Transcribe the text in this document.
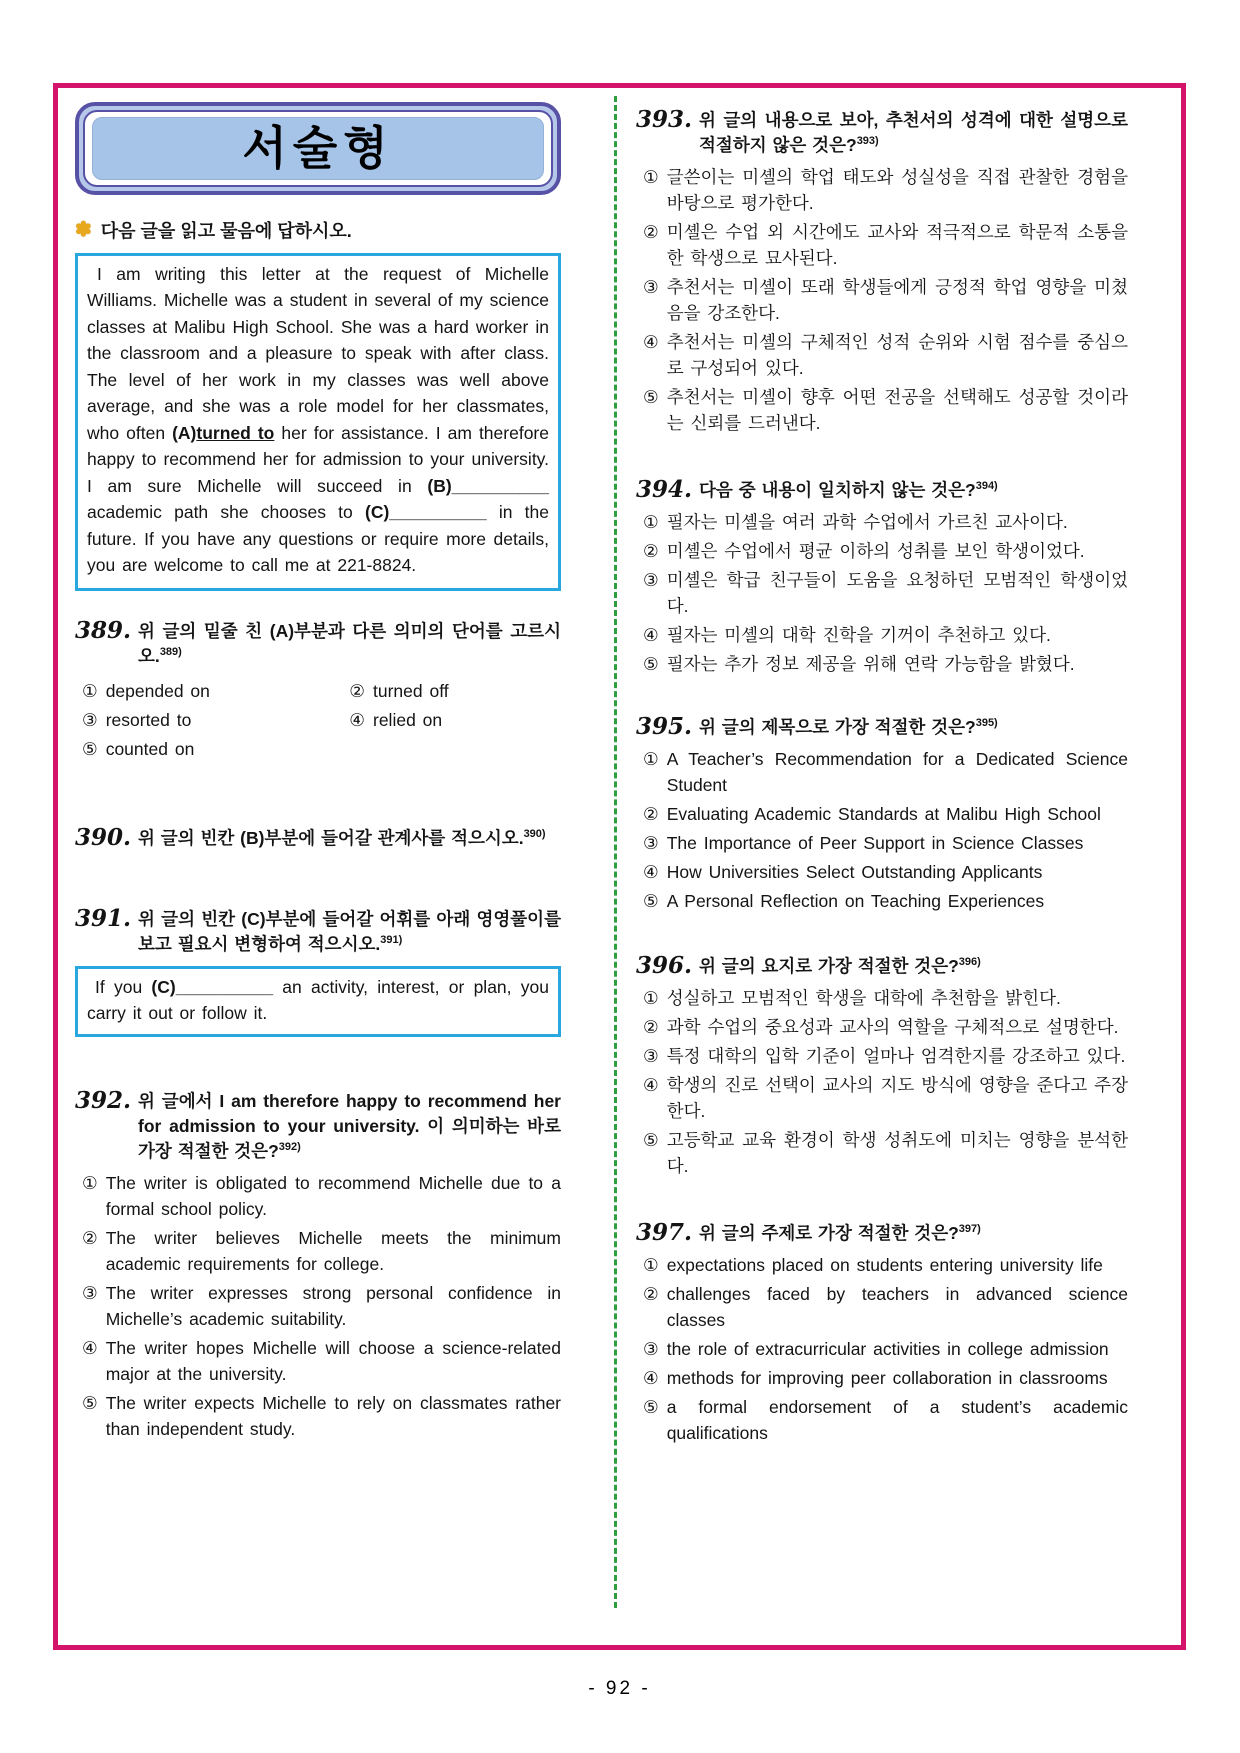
서술형
✽ 다음 글을 읽고 물음에 답하시오.

I am writing this letter at the request of Michelle Williams. Michelle was a student in several of my science classes at Malibu High School. She was a hard worker in the classroom and a pleasure to speak with after class. The level of her work in my classes was well above average, and she was a role model for her classmates, who often (A)turned to her for assistance. I am therefore happy to recommend her for admission to your university. I am sure Michelle will succeed in (B)__________ academic path she chooses to (C)__________ in the future. If you have any questions or require more details, you are welcome to call me at 221-8824.

389. 위 글의 밑줄 친 (A)부분과 다른 의미의 단어를 고르시오.$^{389)}$
① depended on	② turned off
③ resorted to	④ relied on
⑤ counted on
390. 위 글의 빈칸 (B)부분에 들어갈 관계사를 적으시오.$^{390)}$
391. 위 글의 빈칸 (C)부분에 들어갈 어휘를 아래 영영풀이를 보고 필요시 변형하여 적으시오.$^{391)}$

If you (C)__________ an activity, interest, or plan, you carry it out or follow it.

392. 위 글에서 I am therefore happy to recommend her for admission to your university. 이 의미하는 바로 가장 적절한 것은?$^{392)}$
① The writer is obligated to recommend Michelle due to a formal school policy.
② The writer believes Michelle meets the minimum academic requirements for college.
③ The writer expresses strong personal confidence in Michelle’s academic suitability.
④ The writer hopes Michelle will choose a science-related major at the university.
⑤ The writer expects Michelle to rely on classmates rather than independent study.
393. 위 글의 내용으로 보아, 추천서의 성격에 대한 설명으로 적절하지 않은 것은?$^{393)}$
① 글쓴이는 미셸의 학업 태도와 성실성을 직접 관찰한 경험을 바탕으로 평가한다.
② 미셸은 수업 외 시간에도 교사와 적극적으로 학문적 소통을 한 학생으로 묘사된다.
③ 추천서는 미셸이 또래 학생들에게 긍정적 학업 영향을 미쳤음을 강조한다.
④ 추천서는 미셸의 구체적인 성적 순위와 시험 점수를 중심으로 구성되어 있다.
⑤ 추천서는 미셸이 향후 어떤 전공을 선택해도 성공할 것이라는 신뢰를 드러낸다.
394. 다음 중 내용이 일치하지 않는 것은?$^{394)}$
① 필자는 미셸을 여러 과학 수업에서 가르친 교사이다.
② 미셸은 수업에서 평균 이하의 성취를 보인 학생이었다.
③ 미셸은 학급 친구들이 도움을 요청하던 모범적인 학생이었다.
④ 필자는 미셸의 대학 진학을 기꺼이 추천하고 있다.
⑤ 필자는 추가 정보 제공을 위해 연락 가능함을 밝혔다.
395. 위 글의 제목으로 가장 적절한 것은?$^{395)}$
① A Teacher’s Recommendation for a Dedicated Science Student
② Evaluating Academic Standards at Malibu High School
③ The Importance of Peer Support in Science Classes
④ How Universities Select Outstanding Applicants
⑤ A Personal Reflection on Teaching Experiences
396. 위 글의 요지로 가장 적절한 것은?$^{396)}$
① 성실하고 모범적인 학생을 대학에 추천함을 밝힌다.
② 과학 수업의 중요성과 교사의 역할을 구체적으로 설명한다.
③ 특정 대학의 입학 기준이 얼마나 엄격한지를 강조하고 있다.
④ 학생의 진로 선택이 교사의 지도 방식에 영향을 준다고 주장한다.
⑤ 고등학교 교육 환경이 학생 성취도에 미치는 영향을 분석한다.
397. 위 글의 주제로 가장 적절한 것은?$^{397)}$
① expectations placed on students entering university life
② challenges faced by teachers in advanced science classes
③ the role of extracurricular activities in college admission
④ methods for improving peer collaboration in classrooms
⑤ a formal endorsement of a student’s academic qualifications
- 92 -
